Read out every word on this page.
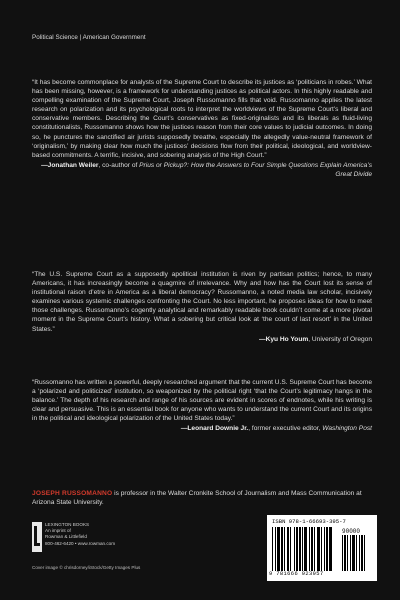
Political Science | American Government

“It has become commonplace for analysts of the Supreme Court to describe its justices as ‘politicians in robes.’ What has been missing, however, is a framework for understanding justices as political actors. In this highly readable and compelling examination of the Supreme Court, Joseph Russomanno fills that void. Russomanno applies the latest research on polarization and its psychological roots to interpret the worldviews of the Supreme Court’s liberal and conservative members. Describing the Court’s conservatives as fixed-originalists and its liberals as fluid-living constitutionalists, Russomanno shows how the justices reason from their core values to judicial outcomes. In doing so, he punctures the sanctified air jurists supposedly breathe, especially the allegedly value-neutral framework of ‘originalism,’ by making clear how much the justices’ decisions flow from their political, ideological, and worldview-based commitments. A terrific, incisive, and sobering analysis of the High Court.”

—Jonathan Weiler, co-author of Prius or Pickup?: How the Answers to Four Simple Questions Explain America’s Great Divide

“The U.S. Supreme Court as a supposedly apolitical institution is riven by partisan politics; hence, to many Americans, it has increasingly become a quagmire of irrelevance. Why and how has the Court lost its sense of institutional raison d’etre in America as a liberal democracy? Russomanno, a noted media law scholar, incisively examines various systemic challenges confronting the Court. No less important, he proposes ideas for how to meet those challenges. Russomanno’s cogently analytical and remarkably readable book couldn’t come at a more pivotal moment in the Supreme Court’s history. What a sobering but critical look at ‘the court of last resort’ in the United States.”

—Kyu Ho Youm, University of Oregon

“Russomanno has written a powerful, deeply researched argument that the current U.S. Supreme Court has become a ‘polarized and politicized’ institution, so weaponized by the political right ‘that the Court’s legitimacy hangs in the balance.’ The depth of his research and range of his sources are evident in scores of endnotes, while his writing is clear and persuasive. This is an essential book for anyone who wants to understand the current Court and its origins in the political and ideological polarization of the United States today.”

—Leonard Downie Jr., former executive editor, Washington Post
JOSEPH RUSSOMANNO is professor in the Walter Cronkite School of Journalism and Mass Communication at Arizona State University.
LEXINGTON BOOKS
An imprint of
Rowman & Littlefield
800-462-6420 • www.rowman.com
Cover image © chrisdorney/iStock/Getty Images Plus
ISBN 978-1-66693-395-7
90000
9 781666 923957
